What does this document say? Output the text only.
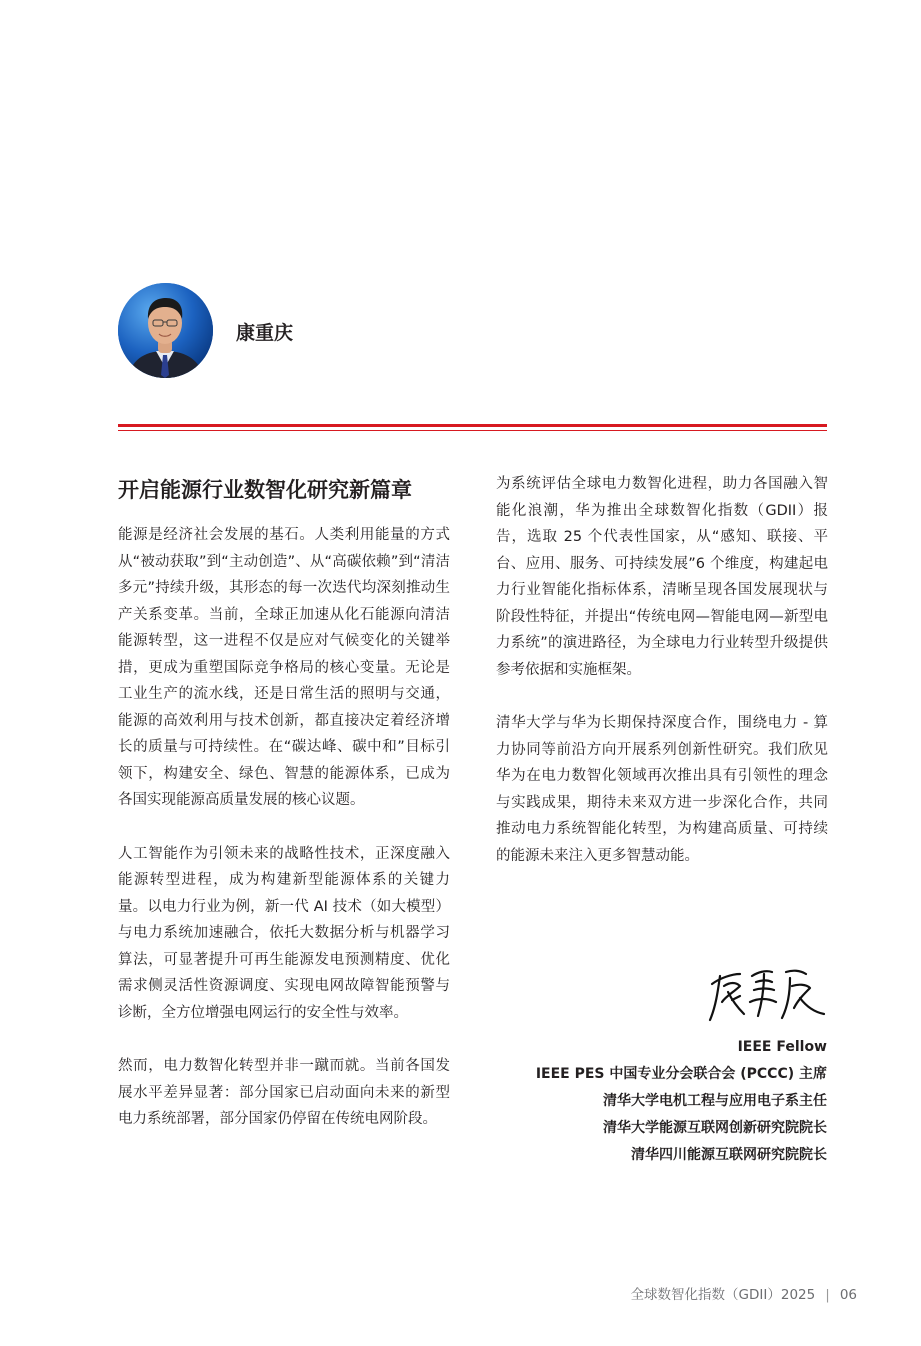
康重庆
开启能源行业数智化研究新篇章

能源是经济社会发展的基石。人类利用能量的方式从“被动获取”到“主动创造”、从“高碳依赖”到“清洁多元”持续升级，其形态的每一次迭代均深刻推动生产关系变革。当前，全球正加速从化石能源向清洁能源转型，这一进程不仅是应对气候变化的关键举措，更成为重塑国际竞争格局的核心变量。无论是工业生产的流水线，还是日常生活的照明与交通，能源的高效利用与技术创新，都直接决定着经济增长的质量与可持续性。在“碳达峰、碳中和”目标引领下，构建安全、绿色、智慧的能源体系，已成为各国实现能源高质量发展的核心议题。

人工智能作为引领未来的战略性技术，正深度融入能源转型进程，成为构建新型能源体系的关键力量。以电力行业为例，新一代 AI 技术（如大模型）与电力系统加速融合，依托大数据分析与机器学习算法，可显著提升可再生能源发电预测精度、优化需求侧灵活性资源调度、实现电网故障智能预警与诊断，全方位增强电网运行的安全性与效率。

然而，电力数智化转型并非一蹴而就。当前各国发展水平差异显著：部分国家已启动面向未来的新型电力系统部署，部分国家仍停留在传统电网阶段。

为系统评估全球电力数智化进程，助力各国融入智能化浪潮，华为推出全球数智化指数（GDII）报告，选取 25 个代表性国家，从“感知、联接、平台、应用、服务、可持续发展”6 个维度，构建起电力行业智能化指标体系，清晰呈现各国发展现状与阶段性特征，并提出“传统电网—智能电网—新型电力系统”的演进路径，为全球电力行业转型升级提供参考依据和实施框架。

清华大学与华为长期保持深度合作，围绕电力 - 算力协同等前沿方向开展系列创新性研究。我们欣见华为在电力数智化领域再次推出具有引领性的理念与实践成果，期待未来双方进一步深化合作，共同推动电力系统智能化转型，为构建高质量、可持续的能源未来注入更多智慧动能。

IEEE Fellow
IEEE PES 中国专业分会联合会 (PCCC) 主席
清华大学电机工程与应用电子系主任
清华大学能源互联网创新研究院院长
清华四川能源互联网研究院院长
全球数智化指数（GDII）2025 | 06
